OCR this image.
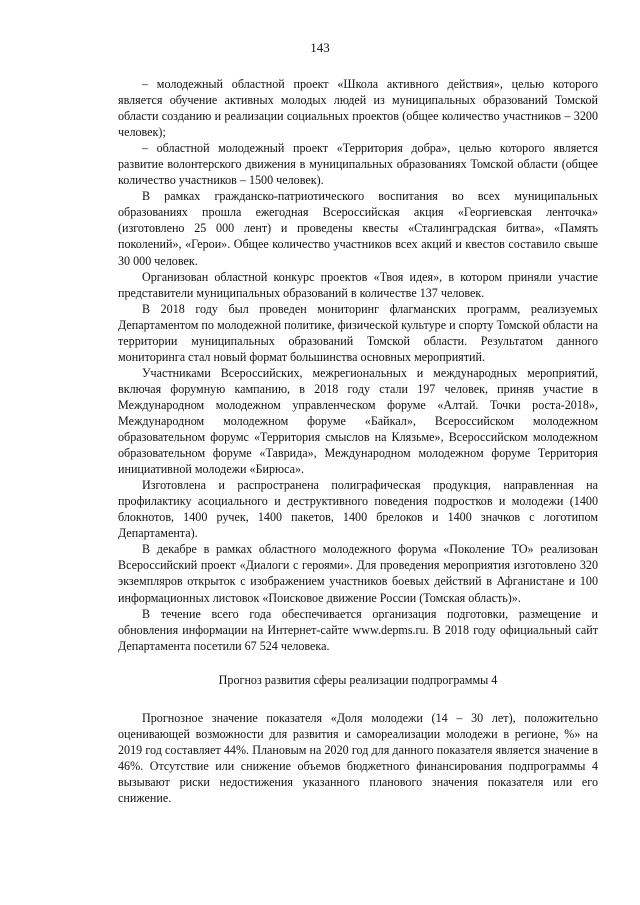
143

– молодежный областной проект «Школа активного действия», целью которого является обучение активных молодых людей из муниципальных образований Томской области созданию и реализации социальных проектов (общее количество участников – 3200 человек);

– областной молодежный проект «Территория добра», целью которого является развитие волонтерского движения в муниципальных образованиях Томской области (общее количество участников – 1500 человек).

В рамках гражданско-патриотического воспитания во всех муниципальных образованиях прошла ежегодная Всероссийская акция «Георгиевская ленточка» (изготовлено 25 000 лент) и проведены квесты «Сталинградская битва», «Память поколений», «Герои». Общее количество участников всех акций и квестов составило свыше 30 000 человек.

Организован областной конкурс проектов «Твоя идея», в котором приняли участие представители муниципальных образований в количестве 137 человек.

В 2018 году был проведен мониторинг флагманских программ, реализуемых Департаментом по молодежной политике, физической культуре и спорту Томской области на территории муниципальных образований Томской области. Результатом данного мониторинга стал новый формат большинства основных мероприятий.

Участниками Всероссийских, межрегиональных и международных мероприятий, включая форумную кампанию, в 2018 году стали 197 человек, приняв участие в Международном молодежном управленческом форуме «Алтай. Точки роста-2018», Международном молодежном форуме «Байкал», Всероссийском молодежном образовательном форумс «Территория смыслов на Клязьме», Всероссийском молодежном образовательном форуме «Таврида», Международном молодежном форуме Территория инициативной молодежи «Бирюса».

Изготовлена и распространена полиграфическая продукция, направленная на профилактику асоциального и деструктивного поведения подростков и молодежи (1400 блокнотов, 1400 ручек, 1400 пакетов, 1400 брелоков и 1400 значков с логотипом Департамента).

В декабре в рамках областного молодежного форума «Поколение ТО» реализован Всероссийский проект «Диалоги с героями». Для проведения мероприятия изготовлено 320 экземпляров открыток с изображением участников боевых действий в Афганистане и 100 информационных листовок «Поисковое движение России (Томская область)».

В течение всего года обеспечивается организация подготовки, размещение и обновления информации на Интернет-сайте www.depms.ru. В 2018 году официальный сайт Департамента посетили 67 524 человека.

Прогноз развития сферы реализации подпрограммы 4

Прогнозное значение показателя «Доля молодежи (14 – 30 лет), положительно оценивающей возможности для развития и самореализации молодежи в регионе, %» на 2019 год составляет 44%. Плановым на 2020 год для данного показателя является значение в 46%. Отсутствие или снижение объемов бюджетного финансирования подпрограммы 4 вызывают риски недостижения указанного планового значения показателя или его снижение.
